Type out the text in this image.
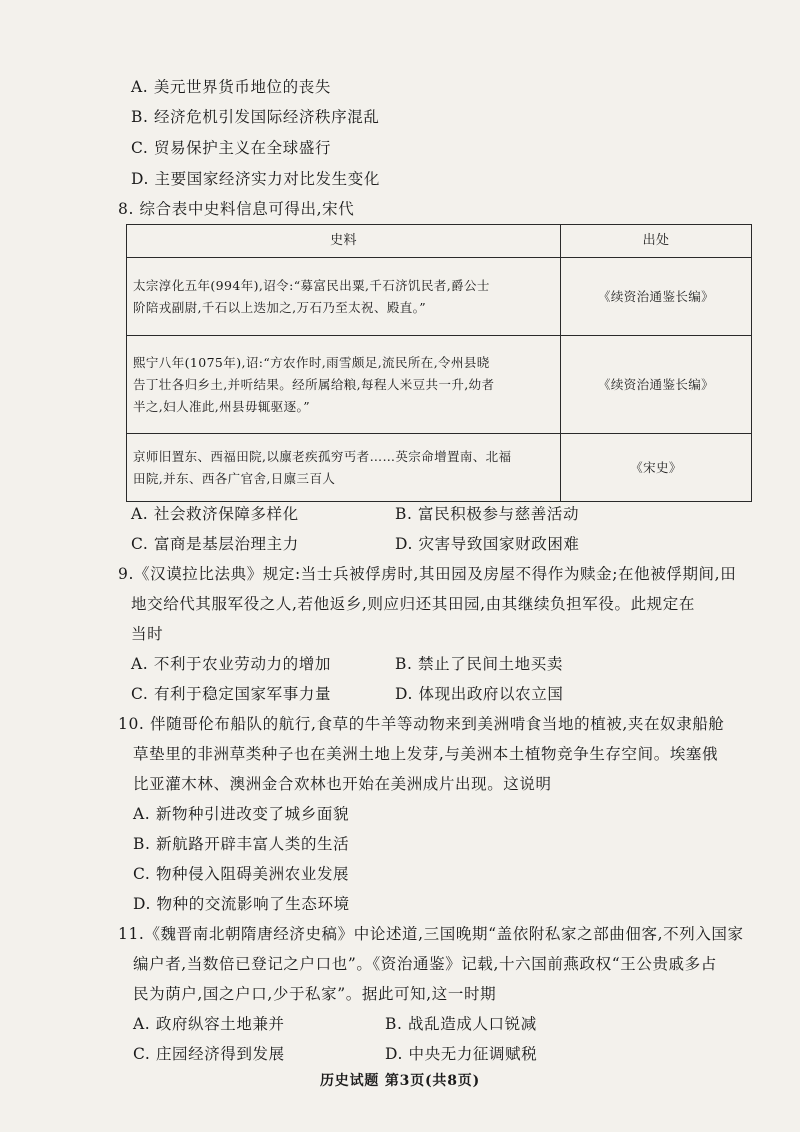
A. 美元世界货币地位的丧失
B. 经济危机引发国际经济秩序混乱
C. 贸易保护主义在全球盛行
D. 主要国家经济实力对比发生变化
8. 综合表中史料信息可得出,宋代
史料	出处

太宗淳化五年(994年),诏令:“募富民出粟,千石济饥民者,爵公士
阶陪戎副尉,千石以上迭加之,万石乃至太祝、殿直。”	《续资治通鉴长编》

熙宁八年(1075年),诏:“方农作时,雨雪颇足,流民所在,令州县晓
告丁壮各归乡土,并听结果。经所属给粮,每程人米豆共一升,幼者
半之,妇人准此,州县毋辄驱逐。”	《续资治通鉴长编》

京师旧置东、西福田院,以廪老疾孤穷丐者……英宗命增置南、北福
田院,并东、西各广官舍,日廪三百人	《宋史》
A. 社会救济保障多样化	B. 富民积极参与慈善活动
C. 富商是基层治理主力	D. 灾害导致国家财政困难
9.《汉谟拉比法典》规定:当士兵被俘虏时,其田园及房屋不得作为赎金;在他被俘期间,田
地交给代其服军役之人,若他返乡,则应归还其田园,由其继续负担军役。此规定在
当时
A. 不利于农业劳动力的增加	B. 禁止了民间土地买卖
C. 有利于稳定国家军事力量	D. 体现出政府以农立国
10. 伴随哥伦布船队的航行,食草的牛羊等动物来到美洲啃食当地的植被,夹在奴隶船舱
草垫里的非洲草类种子也在美洲土地上发芽,与美洲本土植物竞争生存空间。埃塞俄
比亚灌木林、澳洲金合欢林也开始在美洲成片出现。这说明
A. 新物种引进改变了城乡面貌
B. 新航路开辟丰富人类的生活
C. 物种侵入阻碍美洲农业发展
D. 物种的交流影响了生态环境
11.《魏晋南北朝隋唐经济史稿》中论述道,三国晚期“盖依附私家之部曲佃客,不列入国家
编户者,当数倍已登记之户口也”。《资治通鉴》记载,十六国前燕政权“王公贵戚多占
民为荫户,国之户口,少于私家”。据此可知,这一时期
A. 政府纵容土地兼并	B. 战乱造成人口锐减
C. 庄园经济得到发展	D. 中央无力征调赋税
历史试题 第3页(共8页)
